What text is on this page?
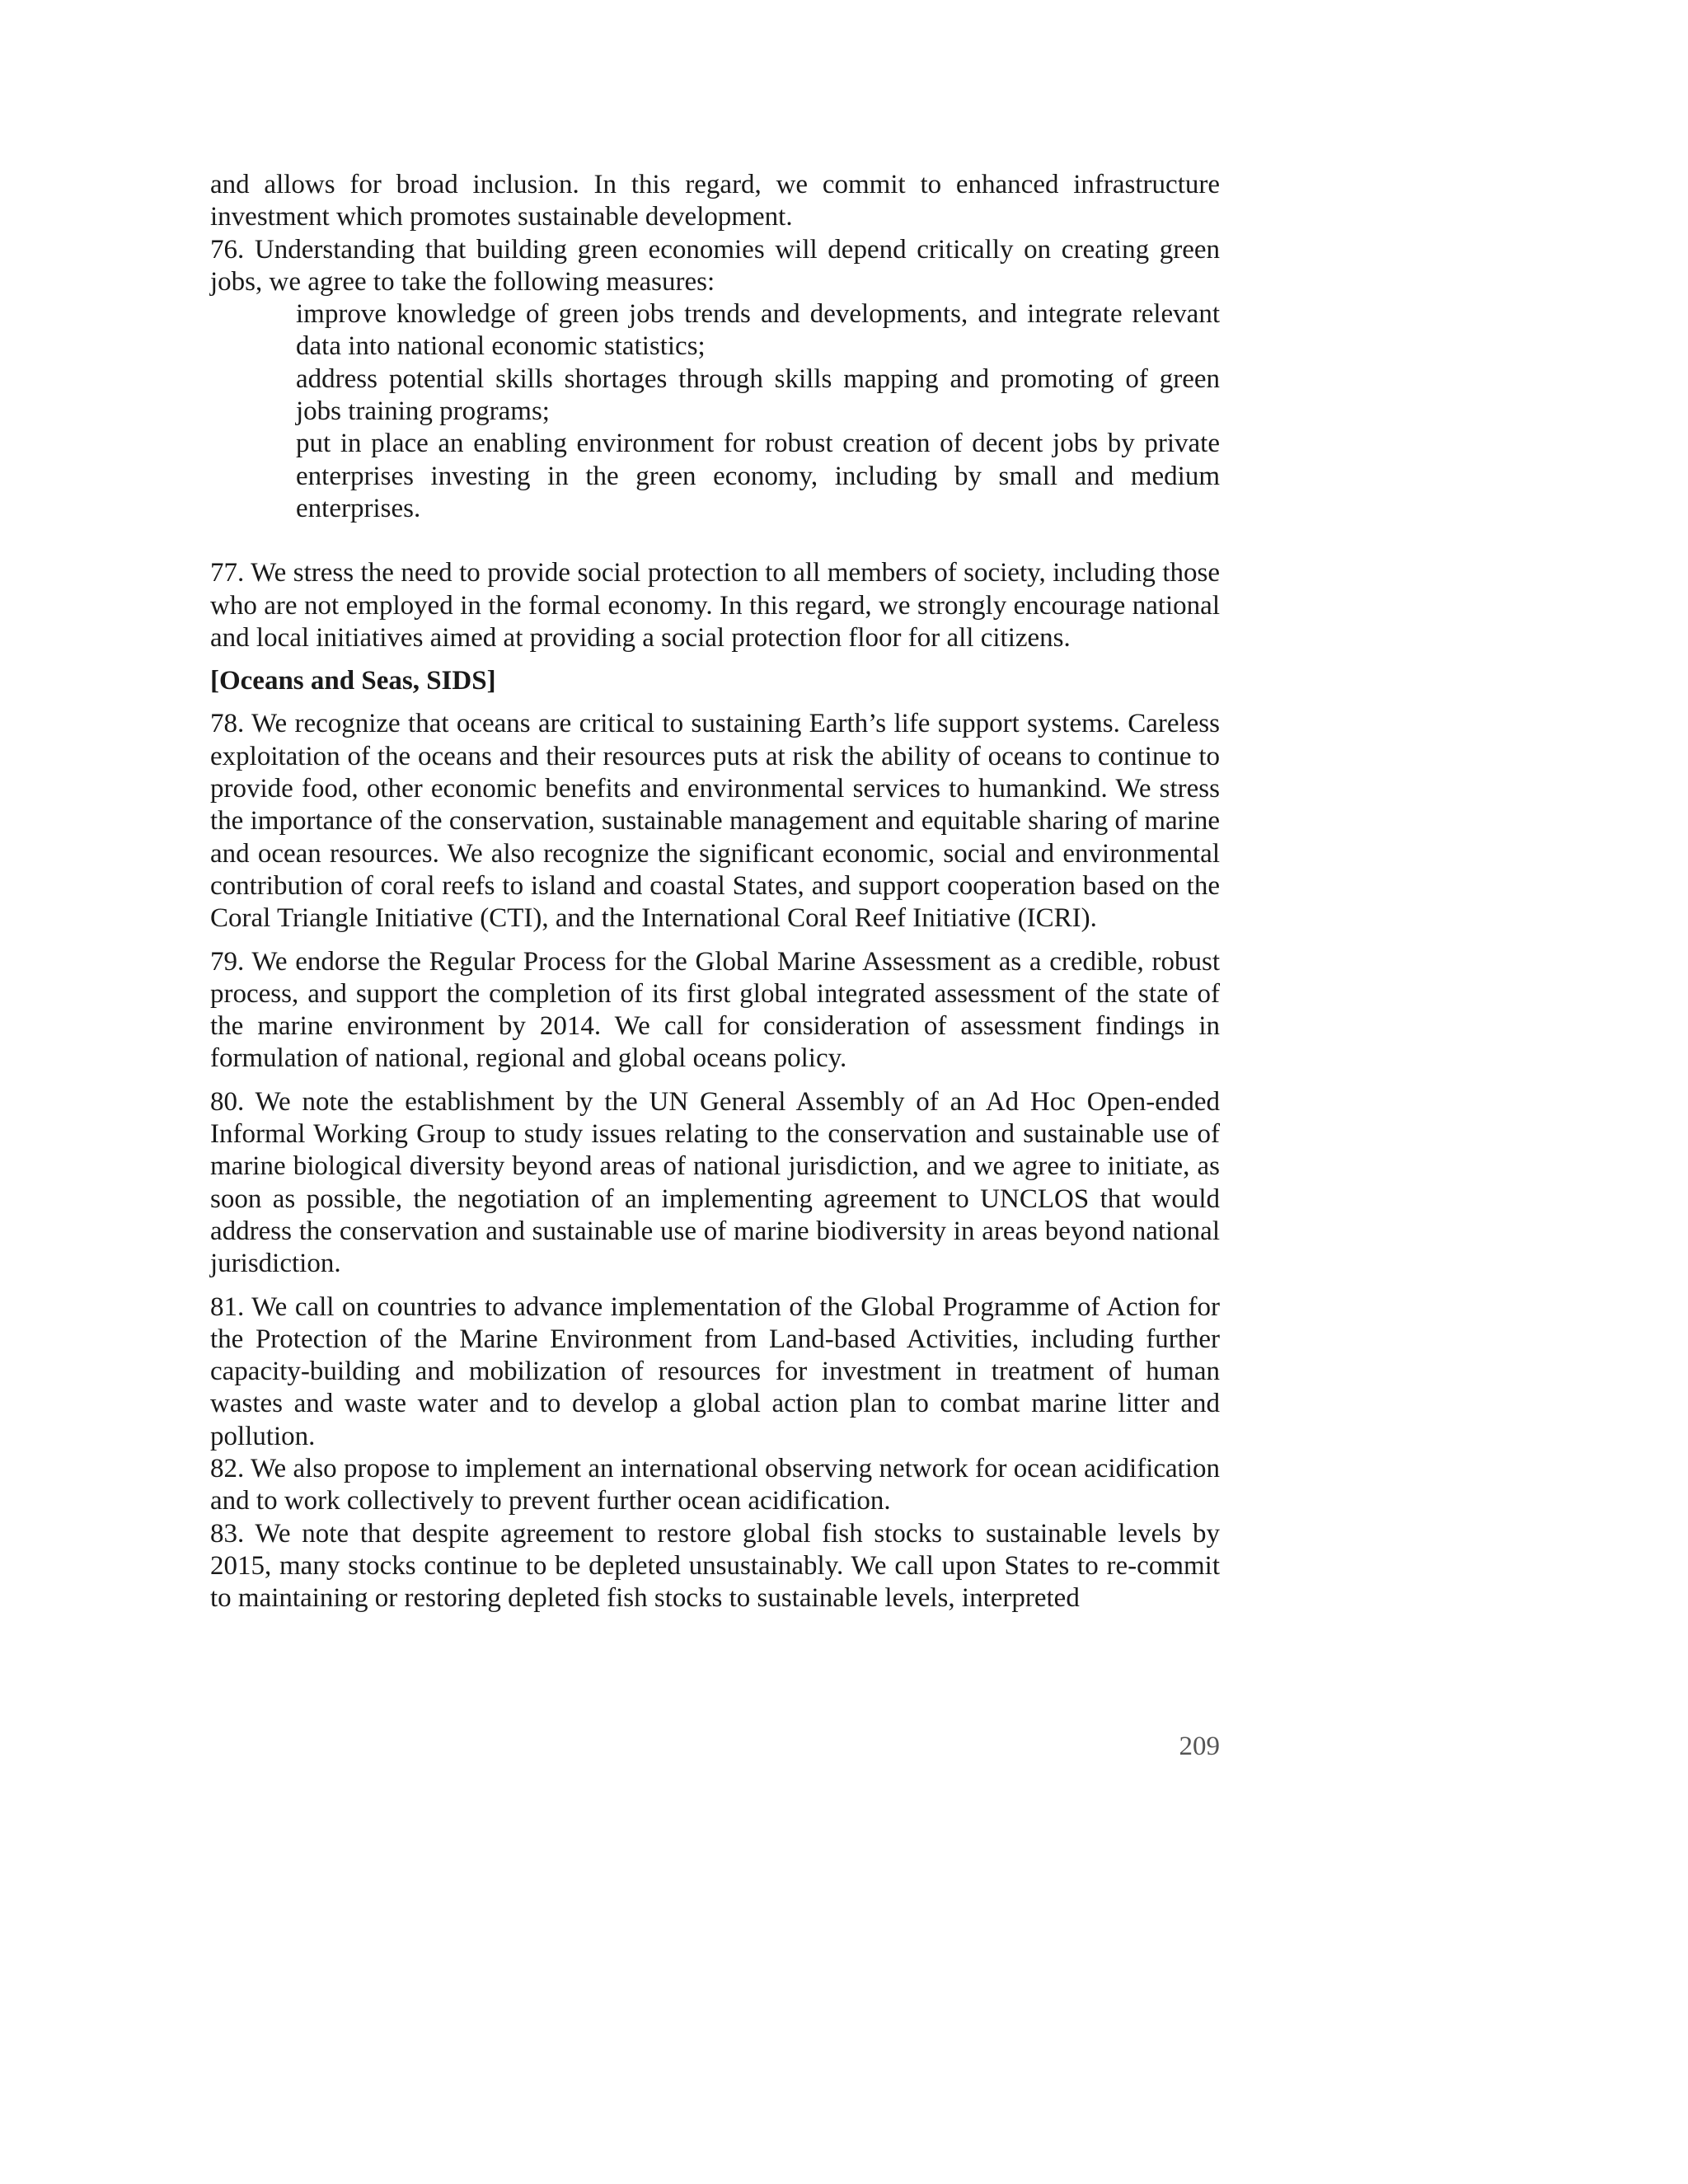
and allows for broad inclusion. In this regard, we commit to enhanced infrastructure investment which promotes sustainable development.

76. Understanding that building green economies will depend critically on creating green jobs, we agree to take the following measures:

improve knowledge of green jobs trends and developments, and integrate relevant data into national economic statistics;
address potential skills shortages through skills mapping and promoting of green jobs training programs;
put in place an enabling environment for robust creation of decent jobs by private enterprises investing in the green economy, including by small and medium enterprises.

77. We stress the need to provide social protection to all members of society, including those who are not employed in the formal economy. In this regard, we strongly encourage national and local initiatives aimed at providing a social protection floor for all citizens.

[Oceans and Seas, SIDS]

78. We recognize that oceans are critical to sustaining Earth’s life support systems. Careless exploitation of the oceans and their resources puts at risk the ability of oceans to continue to provide food, other economic benefits and environmental services to humankind. We stress the importance of the conservation, sustainable management and equitable sharing of marine and ocean resources. We also recognize the significant economic, social and environmental contribution of coral reefs to island and coastal States, and support cooperation based on the Coral Triangle Initiative (CTI), and the International Coral Reef Initiative (ICRI).

79. We endorse the Regular Process for the Global Marine Assessment as a credible, robust process, and support the completion of its first global integrated assessment of the state of the marine environment by 2014. We call for consideration of assessment findings in formulation of national, regional and global oceans policy.

80. We note the establishment by the UN General Assembly of an Ad Hoc Open-ended Informal Working Group to study issues relating to the conservation and sustainable use of marine biological diversity beyond areas of national jurisdiction, and we agree to initiate, as soon as possible, the negotiation of an implementing agreement to UNCLOS that would address the conservation and sustainable use of marine biodiversity in areas beyond national jurisdiction.

81. We call on countries to advance implementation of the Global Programme of Action for the Protection of the Marine Environment from Land-based Activities, including further capacity-building and mobilization of resources for investment in treatment of human wastes and waste water and to develop a global action plan to combat marine litter and pollution.

82. We also propose to implement an international observing network for ocean acidification and to work collectively to prevent further ocean acidification.

83. We note that despite agreement to restore global fish stocks to sustainable levels by 2015, many stocks continue to be depleted unsustainably. We call upon States to re-commit to maintaining or restoring depleted fish stocks to sustainable levels, interpreted

209
